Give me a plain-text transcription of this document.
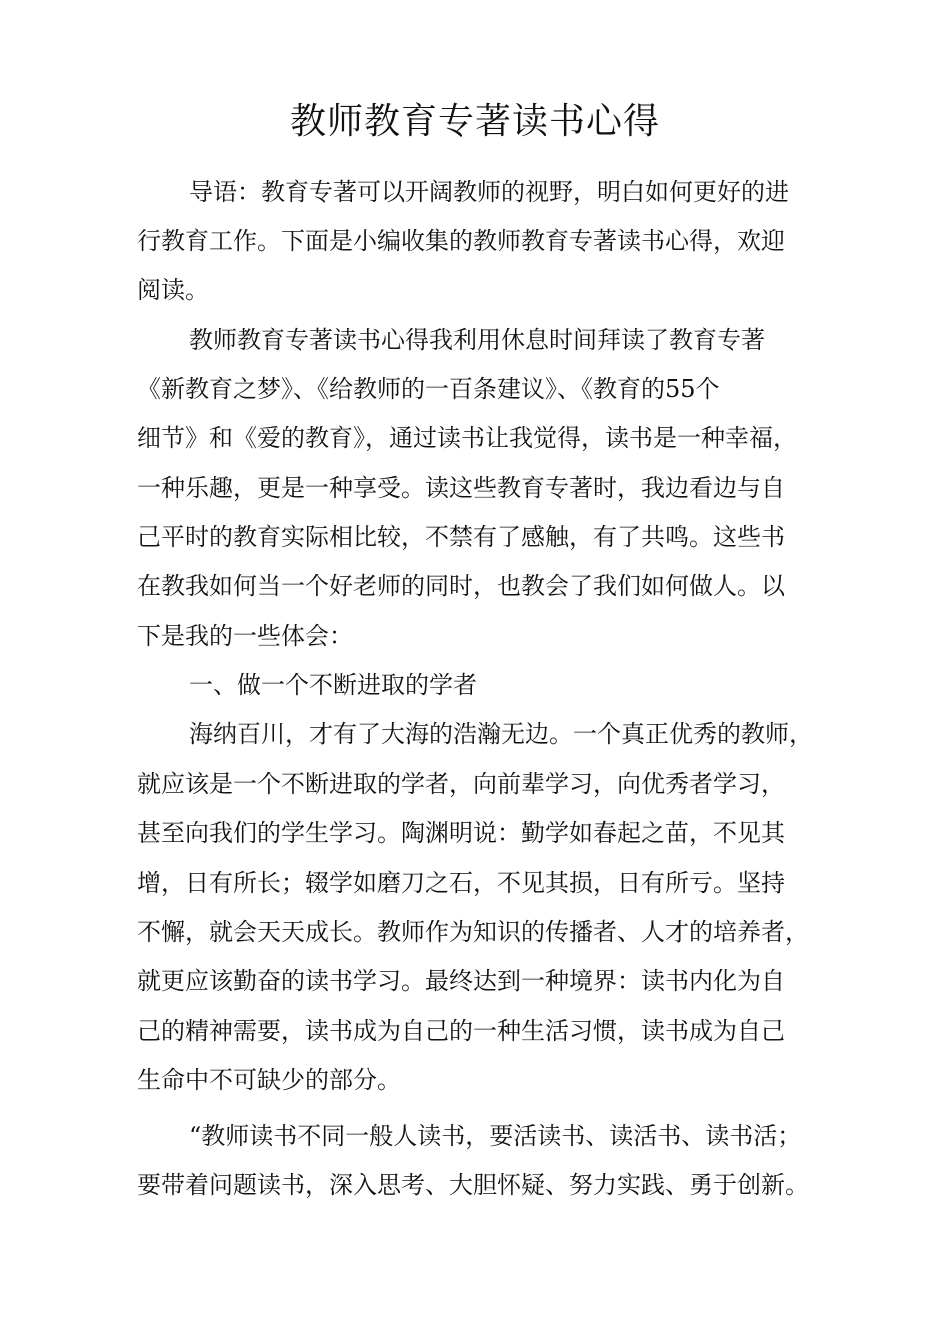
教师教育专著读书心得

导语：教育专著可以开阔教师的视野，明白如何更好的进

行教育工作。下面是小编收集的教师教育专著读书心得，欢迎

阅读。

教师教育专著读书心得我利用休息时间拜读了教育专著

《新教育之梦》、《给教师的一百条建议》、《教育的55个

细节》和《爱的教育》，通过读书让我觉得，读书是一种幸福，

一种乐趣，更是一种享受。读这些教育专著时，我边看边与自

己平时的教育实际相比较，不禁有了感触，有了共鸣。这些书

在教我如何当一个好老师的同时，也教会了我们如何做人。以

下是我的一些体会：

一、做一个不断进取的学者

海纳百川，才有了大海的浩瀚无边。一个真正优秀的教师，

就应该是一个不断进取的学者，向前辈学习，向优秀者学习，

甚至向我们的学生学习。陶渊明说：勤学如春起之苗，不见其

增，日有所长；辍学如磨刀之石，不见其损，日有所亏。坚持

不懈，就会天天成长。教师作为知识的传播者、人才的培养者，

就更应该勤奋的读书学习。最终达到一种境界：读书内化为自

己的精神需要，读书成为自己的一种生活习惯，读书成为自己

生命中不可缺少的部分。

“教师读书不同一般人读书，要活读书、读活书、读书活；

要带着问题读书，深入思考、大胆怀疑、努力实践、勇于创新。
